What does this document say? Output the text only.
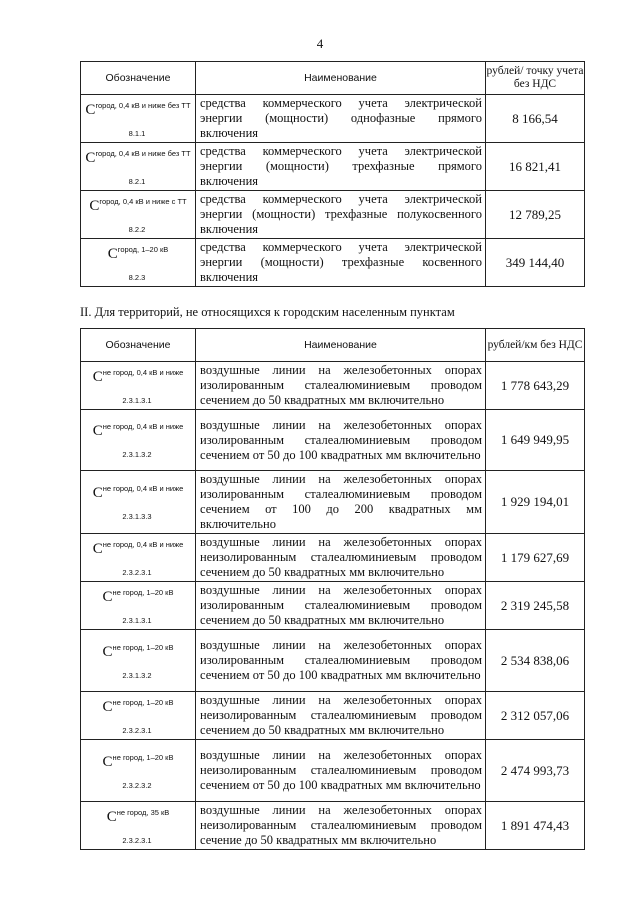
4
Обозначение	Наименование	рублей/ точку учета без НДС
$C^{город, 0,4 кВ и ниже без ТТ}$
$_{8.1.1}$	средства коммерческого учета электрической энергии (мощности) однофазные прямого включения	8 166,54
$C^{город, 0,4 кВ и ниже без ТТ}$
$_{8.2.1}$	средства коммерческого учета электрической энергии (мощности) трехфазные прямого включения	16 821,41
$C^{город, 0,4 кВ и ниже с ТТ}$
$_{8.2.2}$	средства коммерческого учета электрической энергии (мощности) трехфазные полукосвенного включения	12 789,25
$C^{город, 1-20 кВ}$
$_{8.2.3}$	средства коммерческого учета электрической энергии (мощности) трехфазные косвенного включения	349 144,40
II. Для территорий, не относящихся к городским населенным пунктам
Обозначение	Наименование	рублей/км без НДС
$C^{не город, 0,4 кВ и ниже}$
$_{2.3.1.3.1}$	воздушные линии на железобетонных опорах изолированным сталеалюминиевым проводом сечением до 50 квадратных мм включительно	1 778 643,29
$C^{не город, 0,4 кВ и ниже}$
$_{2.3.1.3.2}$	воздушные линии на железобетонных опорах изолированным сталеалюминиевым проводом сечением от 50 до 100 квадратных мм включительно	1 649 949,95
$C^{не город, 0,4 кВ и ниже}$
$_{2.3.1.3.3}$	воздушные линии на железобетонных опорах изолированным сталеалюминиевым проводом сечением от 100 до 200 квадратных мм включительно	1 929 194,01
$C^{не город, 0,4 кВ и ниже}$
$_{2.3.2.3.1}$	воздушные линии на железобетонных опорах неизолированным сталеалюминиевым проводом сечением до 50 квадратных мм включительно	1 179 627,69
$C^{не город, 1-20 кВ}$
$_{2.3.1.3.1}$	воздушные линии на железобетонных опорах изолированным сталеалюминиевым проводом сечением до 50 квадратных мм включительно	2 319 245,58
$C^{не город, 1-20 кВ}$
$_{2.3.1.3.2}$	воздушные линии на железобетонных опорах изолированным сталеалюминиевым проводом сечением от 50 до 100 квадратных мм включительно	2 534 838,06
$C^{не город, 1-20 кВ}$
$_{2.3.2.3.1}$	воздушные линии на железобетонных опорах неизолированным сталеалюминиевым проводом сечением до 50 квадратных мм включительно	2 312 057,06
$C^{не город, 1-20 кВ}$
$_{2.3.2.3.2}$	воздушные линии на железобетонных опорах неизолированным сталеалюминиевым проводом сечением от 50 до 100 квадратных мм включительно	2 474 993,73
$C^{не город, 35 кВ}$
$_{2.3.2.3.1}$	воздушные линии на железобетонных опорах неизолированным сталеалюминиевым проводом сечение до 50 квадратных мм включительно	1 891 474,43
